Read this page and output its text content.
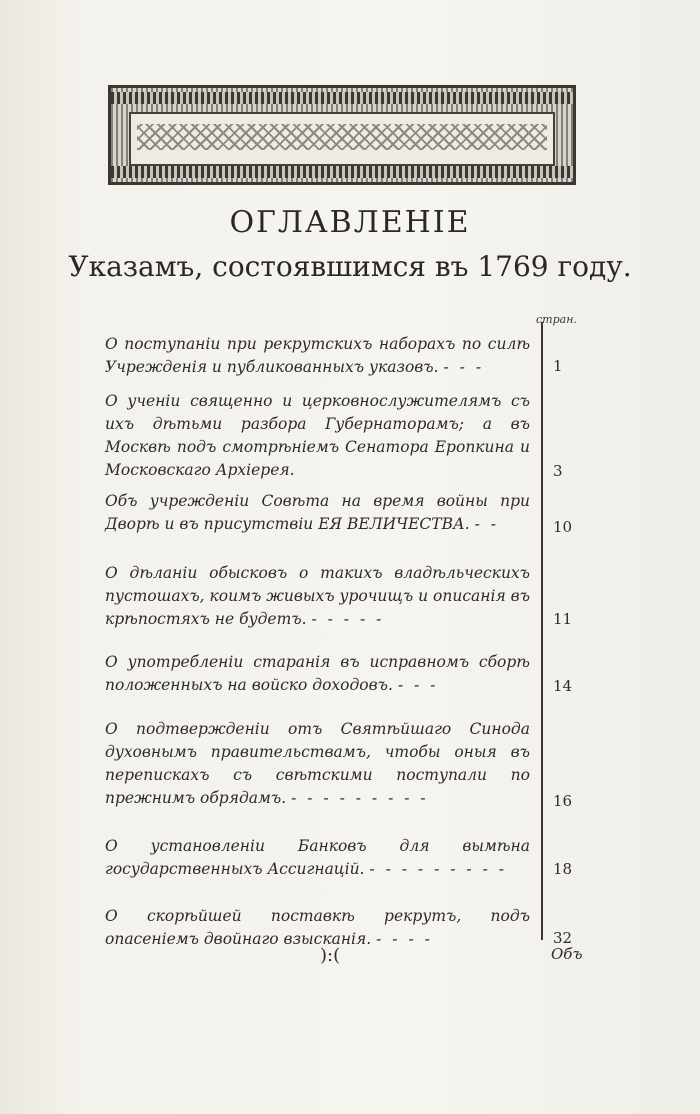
ОГЛАВЛЕНІЕ
Указамъ, состоявшимся въ 1769 году.
стран.
О поступаніи при рекрутскихъ наборахъ по силѣ Учрежденія и публикованныхъ указовъ. - - -	1
О ученіи священно и церковнослужителямъ съ ихъ дѣтьми разбора Губернаторамъ; а въ Москвѣ подъ смотрѣніемъ Сенатора Еропкина и Московскаго Архіерея.	3
Объ учрежденіи Совѣта на время войны при Дворѣ и въ присутствіи ЕЯ ВЕЛИЧЕСТВА. - -	10
О дѣланіи обысковъ о такихъ владѣльческихъ пустошахъ, коимъ живыхъ урочищъ и описанія въ крѣпостяхъ не будетъ. - - - - -	11
О употребленіи старанія въ исправномъ сборѣ положенныхъ на войско доходовъ. - - -	14
О подтвержденіи отъ Святѣйшаго Синода духовнымъ правительствамъ, чтобы оныя въ перепискахъ съ свѣтскими поступали по прежнимъ обрядамъ. - - - - - - - - -	16
О установленіи Банковъ для вымѣна государственныхъ Ассигнацій. - - - - - - - - -	18
О скорѣйшей поставкѣ рекрутъ, подъ опасеніемъ двойнаго взысканія. - - - -	32
):(	Объ
